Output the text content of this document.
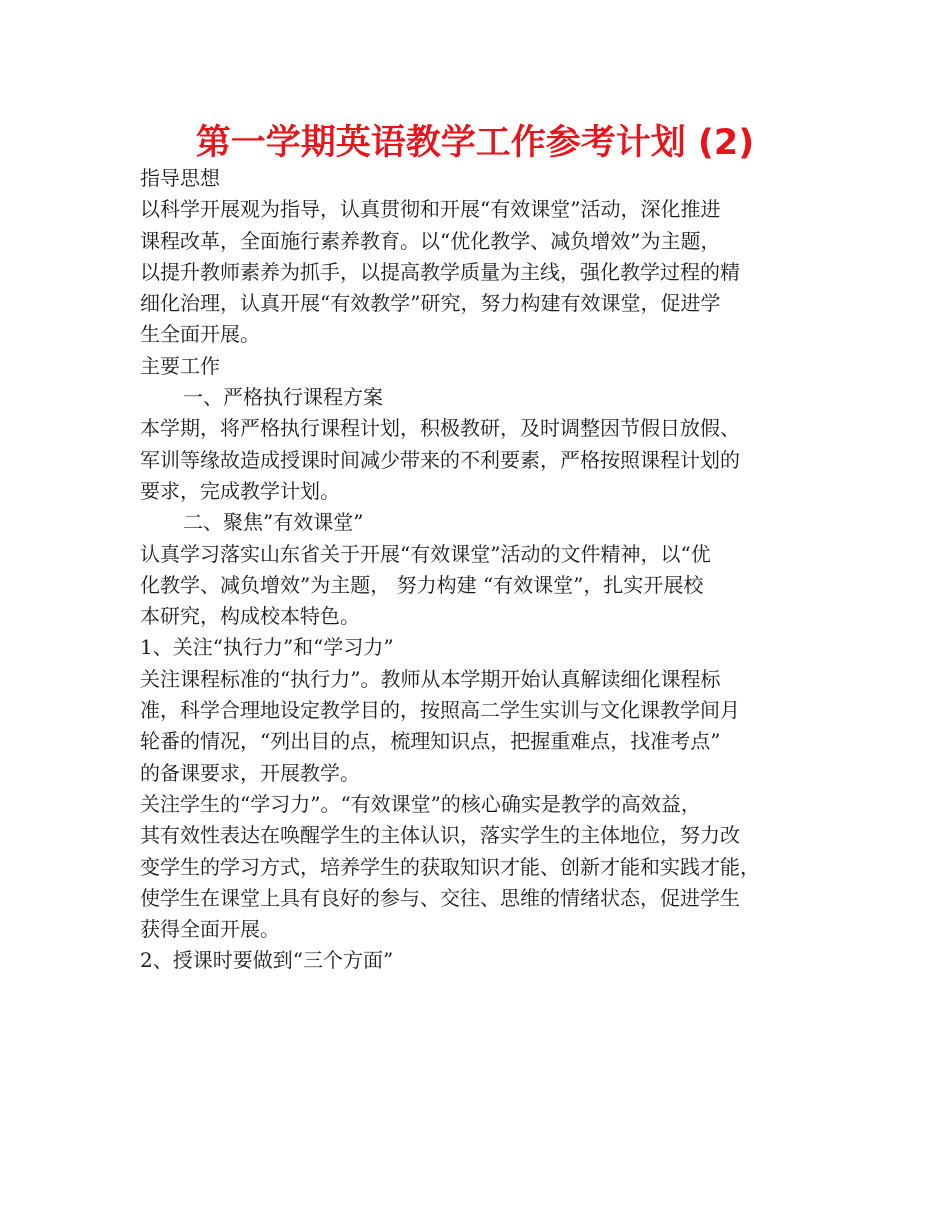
第一学期英语教学工作参考计划 (2)
指导思想
以科学开展观为指导，认真贯彻和开展“有效课堂”活动，深化推进
课程改革，全面施行素养教育。以“优化教学、减负增效”为主题，
以提升教师素养为抓手，以提高教学质量为主线，强化教学过程的精
细化治理，认真开展“有效教学”研究，努力构建有效课堂，促进学
生全面开展。
主要工作
一、严格执行课程方案
本学期，将严格执行课程计划，积极教研，及时调整因节假日放假、
军训等缘故造成授课时间减少带来的不利要素，严格按照课程计划的
要求，完成教学计划。
二、聚焦”有效课堂”
认真学习落实山东省关于开展“有效课堂”活动的文件精神，以“优
化教学、减负增效”为主题， 努力构建 “有效课堂”，扎实开展校
本研究，构成校本特色。
1、关注“执行力”和“学习力”
关注课程标准的“执行力”。教师从本学期开始认真解读细化课程标
准，科学合理地设定教学目的，按照高二学生实训与文化课教学间月
轮番的情况，“列出目的点，梳理知识点，把握重难点，找准考点”
的备课要求，开展教学。
关注学生的“学习力”。“有效课堂”的核心确实是教学的高效益，
其有效性表达在唤醒学生的主体认识，落实学生的主体地位，努力改
变学生的学习方式，培养学生的获取知识才能、创新才能和实践才能，
使学生在课堂上具有良好的参与、交往、思维的情绪状态，促进学生
获得全面开展。
2、授课时要做到“三个方面”
